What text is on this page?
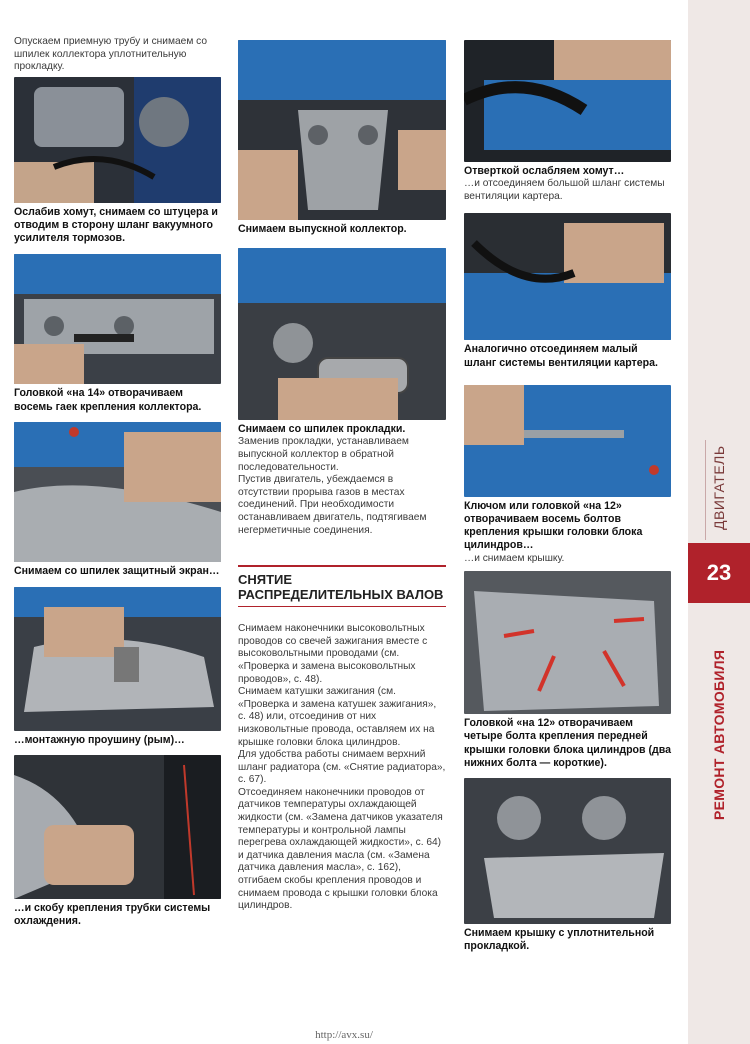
Опускаем приемную трубу и снимаем со шпилек коллектора уплотнительную прокладку.

Ослабив хомут, снимаем со штуцера и отводим в сторону шланг вакуумного усилителя тормозов.

Головкой «на 14» отворачиваем восемь гаек крепления коллектора.

Снимаем со шпилек защитный экран…

…монтажную проушину (рым)…

…и скобу крепления трубки системы охлаждения.

Снимаем выпускной коллектор.

Снимаем со шпилек прокладки.

Заменив прокладки, устанавливаем выпускной коллектор в обратной последовательности.

Пустив двигатель, убеждаемся в отсутствии прорыва газов в местах соединений. При необходимости останавливаем двигатель, подтягиваем негерметичные соединения.

СНЯТИЕ РАСПРЕДЕЛИТЕЛЬНЫХ ВАЛОВ

Снимаем наконечники высоковольтных проводов со свечей зажигания вместе с высоковольтными проводами (см. «Проверка и замена высоковольтных проводов», с. 48).

Снимаем катушки зажигания (см. «Проверка и замена катушек зажигания», с. 48) или, отсоединив от них низковольтные провода, оставляем их на крышке головки блока цилиндров.

Для удобства работы снимаем верхний шланг радиатора (см. «Снятие радиатора», с. 67).

Отсоединяем наконечники проводов от датчиков температуры охлаждающей жидкости (см. «Замена датчиков указателя температуры и контрольной лампы перегрева охлаждающей жидкости», с. 64) и датчика давления масла (см. «Замена датчика давления масла», с. 162), отгибаем скобы крепления проводов и снимаем провода с крышки головки блока цилиндров.

Отверткой ослабляем хомут…

…и отсоединяем большой шланг системы вентиляции картера.

Аналогично отсоединяем малый шланг системы вентиляции картера.

Ключом или головкой «на 12» отворачиваем восемь болтов крепления крышки головки блока цилиндров…

…и снимаем крышку.

Головкой «на 12» отворачиваем четыре болта крепления передней крышки головки блока цилиндров (два нижних болта — короткие).

Снимаем крышку с уплотнительной прокладкой.

ДВИГАТЕЛЬ
23
РЕМОНТ АВТОМОБИЛЯ
http://avx.su/
